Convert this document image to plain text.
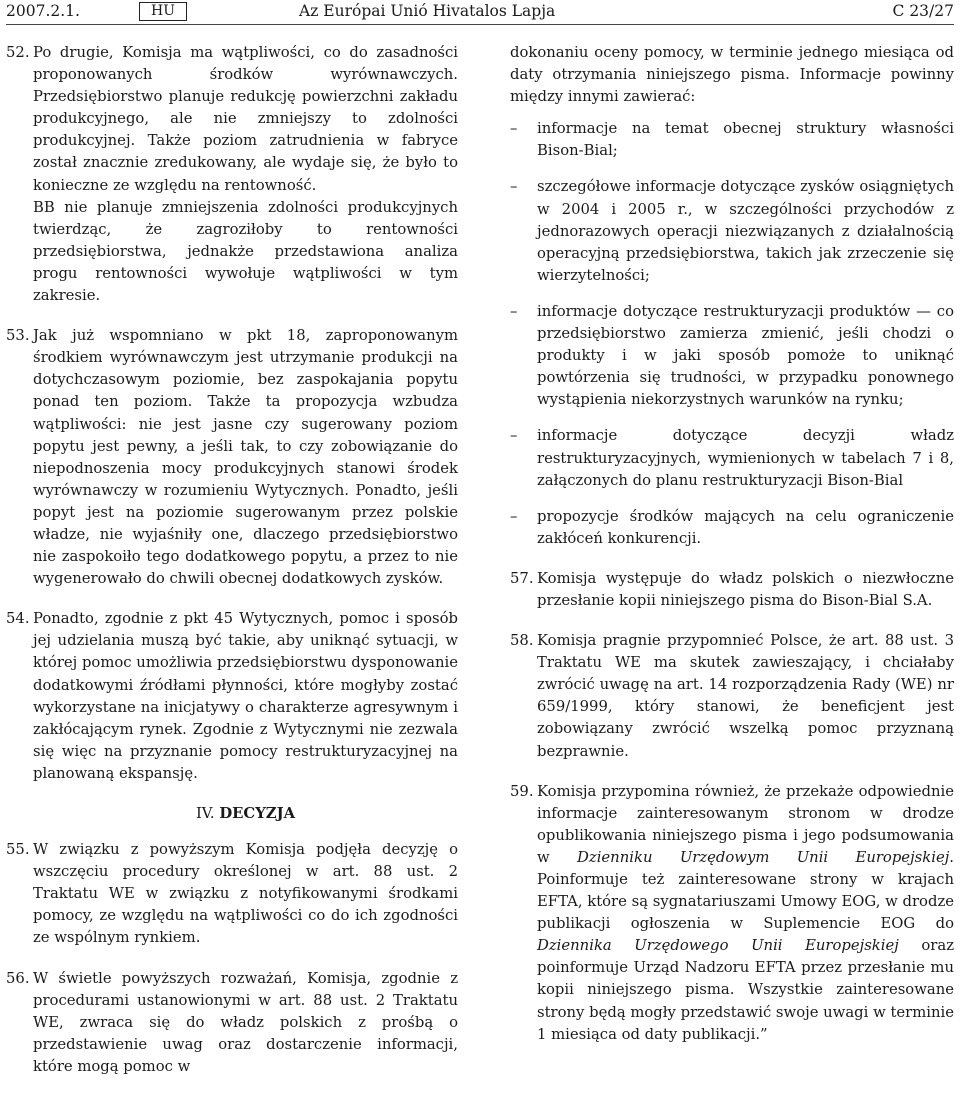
2007.2.1.	HU	Az Európai Unió Hivatalos Lapja	C 23/27
52. Po drugie, Komisja ma wątpliwości, co do zasadności proponowanych środków wyrównawczych. Przedsiębiorstwo planuje redukcję powierzchni zakładu produkcyjnego, ale nie zmniejszy to zdolności produkcyjnej. Także poziom zatrudnienia w fabryce został znacznie zredukowany, ale wydaje się, że było to konieczne ze względu na rentowność.

BB nie planuje zmniejszenia zdolności produkcyjnych twierdząc, że zagroziłoby to rentowności przedsiębiorstwa, jednakże przedstawiona analiza progu rentowności wywołuje wątpliwości w tym zakresie.

53. Jak już wspomniano w pkt 18, zaproponowanym środkiem wyrównawczym jest utrzymanie produkcji na dotychczasowym poziomie, bez zaspokajania popytu ponad ten poziom. Także ta propozycja wzbudza wątpliwości: nie jest jasne czy sugerowany poziom popytu jest pewny, a jeśli tak, to czy zobowiązanie do niepodnoszenia mocy produkcyjnych stanowi środek wyrównawczy w rozumieniu Wytycznych. Ponadto, jeśli popyt jest na poziomie sugerowanym przez polskie władze, nie wyjaśniły one, dlaczego przedsiębiorstwo nie zaspokoiło tego dodatkowego popytu, a przez to nie wygenerowało do chwili obecnej dodatkowych zysków.

54. Ponadto, zgodnie z pkt 45 Wytycznych, pomoc i sposób jej udzielania muszą być takie, aby uniknąć sytuacji, w której pomoc umożliwia przedsiębiorstwu dysponowanie dodatkowymi źródłami płynności, które mogłyby zostać wykorzystane na inicjatywy o charakterze agresywnym i zakłócającym rynek. Zgodnie z Wytycznymi nie zezwala się więc na przyznanie pomocy restrukturyzacyjnej na planowaną ekspansję.

IV. DECYZJA
55. W związku z powyższym Komisja podjęła decyzję o wszczęciu procedury określonej w art. 88 ust. 2 Traktatu WE w związku z notyfikowanymi środkami pomocy, ze względu na wątpliwości co do ich zgodności ze wspólnym rynkiem.

56. W świetle powyższych rozważań, Komisja, zgodnie z procedurami ustanowionymi w art. 88 ust. 2 Traktatu WE, zwraca się do władz polskich z prośbą o przedstawienie uwag oraz dostarczenie informacji, które mogą pomoc w

dokonaniu oceny pomocy, w terminie jednego miesiąca od daty otrzymania niniejszego pisma. Informacje powinny między innymi zawierać:

– informacje na temat obecnej struktury własności Bison-Bial;
– szczegółowe informacje dotyczące zysków osiągniętych w 2004 i 2005 r., w szczególności przychodów z jednorazowych operacji niezwiązanych z działalnością operacyjną przedsiębiorstwa, takich jak zrzeczenie się wierzytelności;
– informacje dotyczące restrukturyzacji produktów — co przedsiębiorstwo zamierza zmienić, jeśli chodzi o produkty i w jaki sposób pomoże to uniknąć powtórzenia się trudności, w przypadku ponownego wystąpienia niekorzystnych warunków na rynku;
– informacje dotyczące decyzji władz restrukturyzacyjnych, wymienionych w tabelach 7 i 8, załączonych do planu restrukturyzacji Bison-Bial
– propozycje środków mających na celu ograniczenie zakłóceń konkurencji.
57. Komisja występuje do władz polskich o niezwłoczne przesłanie kopii niniejszego pisma do Bison-Bial S.A.

58. Komisja pragnie przypomnieć Polsce, że art. 88 ust. 3 Traktatu WE ma skutek zawieszający, i chciałaby zwrócić uwagę na art. 14 rozporządzenia Rady (WE) nr 659/1999, który stanowi, że beneficjent jest zobowiązany zwrócić wszelką pomoc przyznaną bezprawnie.

59. Komisja przypomina również, że przekaże odpowiednie informacje zainteresowanym stronom w drodze opublikowania niniejszego pisma i jego podsumowania w Dzienniku Urzędowym Unii Europejskiej. Poinformuje też zainteresowane strony w krajach EFTA, które są sygnatariuszami Umowy EOG, w drodze publikacji ogłoszenia w Suplemencie EOG do Dziennika Urzędowego Unii Europejskiej oraz poinformuje Urząd Nadzoru EFTA przez przesłanie mu kopii niniejszego pisma. Wszystkie zainteresowane strony będą mogły przedstawić swoje uwagi w terminie 1 miesiąca od daty publikacji.”
